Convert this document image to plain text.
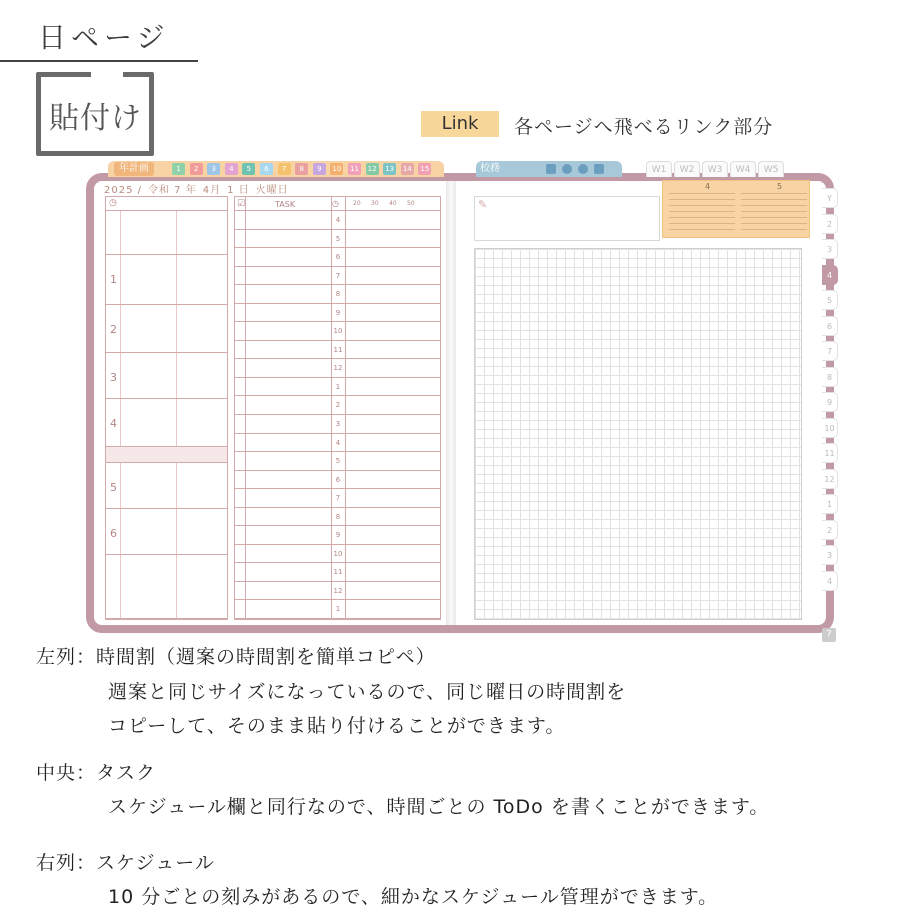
日ページ
貼付け	Link	各ページへ飛べるリンク部分
年計画	1	2	3	4	5	6	7	8	9	10 11 12 13 14 15	校務	W1	W2	W3	W4	W5
Y
2
3
4
5
6
7
8
9
10
11
12
1
2
3
4
?
2025 / 令和 7 年 4月 1 日 火曜日
◷
1
2
3
4
5
6
☑	TASK	◷ 20 30 40 50
4
5
6
7
8
9
10
11
12
1
2
3
4
5
6
7
8
9
10
11
12
1
✎
4	5
左列：時間割（週案の時間割を簡単コピペ）
週案と同じサイズになっているので、同じ曜日の時間割を
コピーして、そのまま貼り付けることができます。
中央：タスク
スケジュール欄と同行なので、時間ごとの ToDo を書くことができます。
右列：スケジュール
10 分ごとの刻みがあるので、細かなスケジュール管理ができます。
